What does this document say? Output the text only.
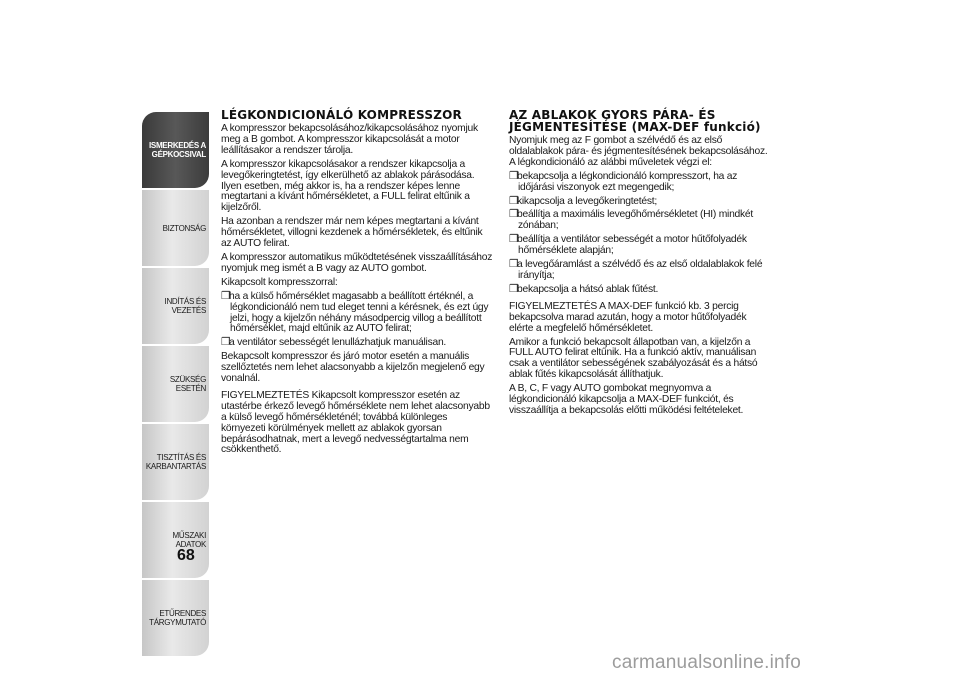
ISMERKEDÉS A
GÉPKOCSIVAL
BIZTONSÁG
INDÍTÁS ÉS VEZETÉS
SZÜKSÉG ESETÉN
TISZTÍTÁS ÉS
KARBANTARTÁS
MŰSZAKI ADATOK
ETŰRENDES
TÁRGYMUTATÓ
68
LÉGKONDICIONÁLÓ KOMPRESSZOR

A kompresszor bekapcsolásához/kikapcsolásához nyomjuk meg a B gombot. A kompresszor kikapcsolását a motor leállításakor a rendszer tárolja.

A kompresszor kikapcsolásakor a rendszer kikapcsolja a levegőkeringtetést, így elkerülhető az ablakok párásodása. Ilyen esetben, még akkor is, ha a rendszer képes lenne megtartani a kívánt hőmérsékletet, a FULL felirat eltűnik a kijelzőről.

Ha azonban a rendszer már nem képes megtartani a kívánt hőmérsékletet, villogni kezdenek a hőmérsékletek, és eltűnik az AUTO felirat.

A kompresszor automatikus működtetésének visszaállításához nyomjuk meg ismét a B vagy az AUTO gombot.

Kikapcsolt kompresszorral:

❒ha a külső hőmérséklet magasabb a beállított értéknél, a légkondicionáló nem tud eleget tenni a kérésnek, és ezt úgy jelzi, hogy a kijelzőn néhány másodpercig villog a beállított hőmérséklet, majd eltűnik az AUTO felirat;
❒a ventilátor sebességét lenullázhatjuk manuálisan.

Bekapcsolt kompresszor és járó motor esetén a manuális szellőztetés nem lehet alacsonyabb a kijelzőn megjelenő egy vonalnál.

FIGYELMEZTETÉS Kikapcsolt kompresszor esetén az utastérbe érkező levegő hőmérséklete nem lehet alacsonyabb a külső levegő hőmérsékleténél; továbbá különleges környezeti körülmények mellett az ablakok gyorsan bepárásodhatnak, mert a levegő nedvességtartalma nem csökkenthető.

AZ ABLAKOK GYORS PÁRA- ÉS JÉGMENTESÍTÉSE (MAX-DEF funkció)

Nyomjuk meg az F gombot a szélvédő és az első oldalablakok pára- és jégmentesítésének bekapcsolásához. A légkondicionáló az alábbi műveletek végzi el:

❒bekapcsolja a légkondicionáló kompresszort, ha az időjárási viszonyok ezt megengedik;
❒kikapcsolja a levegőkeringtetést;
❒beállítja a maximális levegőhőmérsékletet (HI) mindkét zónában;
❒beállítja a ventilátor sebességét a motor hűtőfolyadék hőmérséklete alapján;
❒a levegőáramlást a szélvédő és az első oldalablakok felé irányítja;
❒bekapcsolja a hátsó ablak fűtést.

FIGYELMEZTETÉS A MAX-DEF funkció kb. 3 percig bekapcsolva marad azután, hogy a motor hűtőfolyadék elérte a megfelelő hőmérsékletet.

Amikor a funkció bekapcsolt állapotban van, a kijelzőn a FULL AUTO felirat eltűnik. Ha a funkció aktív, manuálisan csak a ventilátor sebességének szabályozását és a hátsó ablak fűtés kikapcsolását állíthatjuk.

A B, C, F vagy AUTO gombokat megnyomva a légkondicionáló kikapcsolja a MAX-DEF funkciót, és visszaállítja a bekapcsolás előtti működési feltételeket.

carmanualsonline.info
